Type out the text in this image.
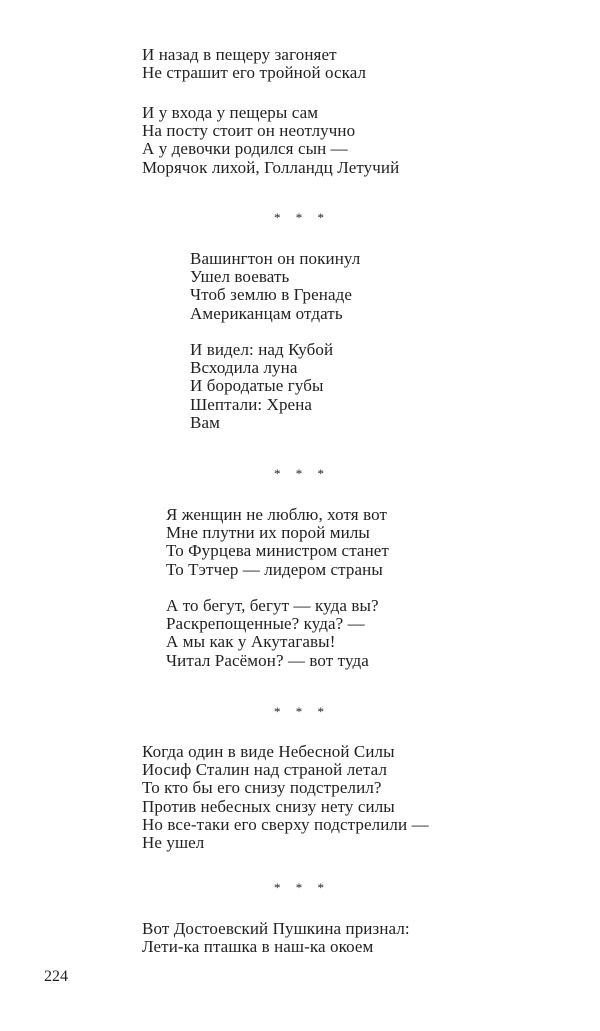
И назад в пещеру загоняет
Не страшит его тройной оскал
И у входа у пещеры сам
На посту стоит он неотлучно
А у девочки родился сын —
Морячок лихой, Голландц Летучий
* * *
Вашингтон он покинул
Ушел воевать
Чтоб землю в Гренаде
Американцам отдать
И видел: над Кубой
Всходила луна
И бородатые губы
Шептали: Хрена
Вам
* * *
Я женщин не люблю, хотя вот
Мне плутни их порой милы
То Фурцева министром станет
То Тэтчер — лидером страны
А то бегут, бегут — куда вы?
Раскрепощенные? куда? —
А мы как у Акутагавы!
Читал Расёмон? — вот туда
* * *
Когда один в виде Небесной Силы
Иосиф Сталин над страной летал
То кто бы его снизу подстрелил?
Против небесных снизу нету силы
Но все-таки его сверху подстрелили —
Не ушел
* * *
Вот Достоевский Пушкина признал:
Лети-ка пташка в наш-ка окоем
224
